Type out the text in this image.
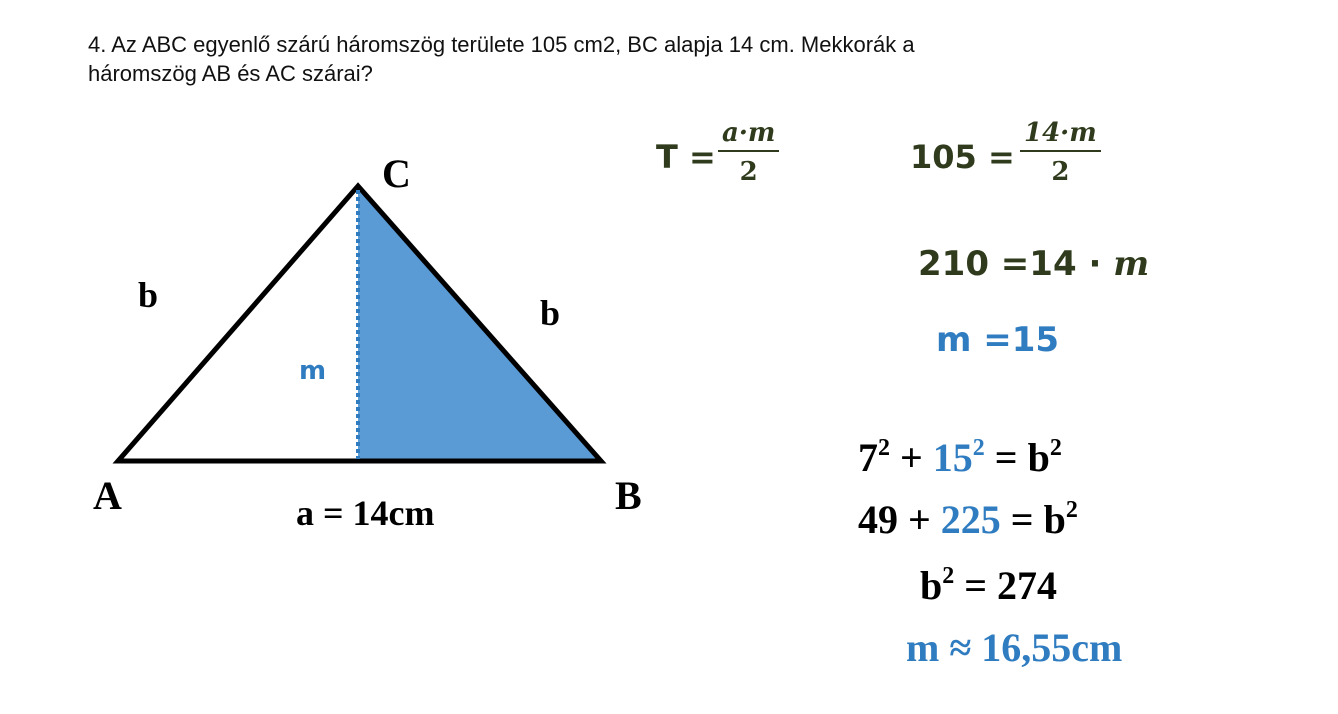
4. Az ABC egyenlő szárú háromszög területe 105 cm2, BC alapja 14 cm. Mekkorák a
háromszög AB és AC szárai?
C
A	B
b	b
m
a = 14cm
T =
a·m
2	105 =
14·m
2
210 =14 · m
m =15
$7^2 + 15^2 = b^2$
$49 + 225 = b^2$
$b^2 = 274$
m ≈ 16,55cm
